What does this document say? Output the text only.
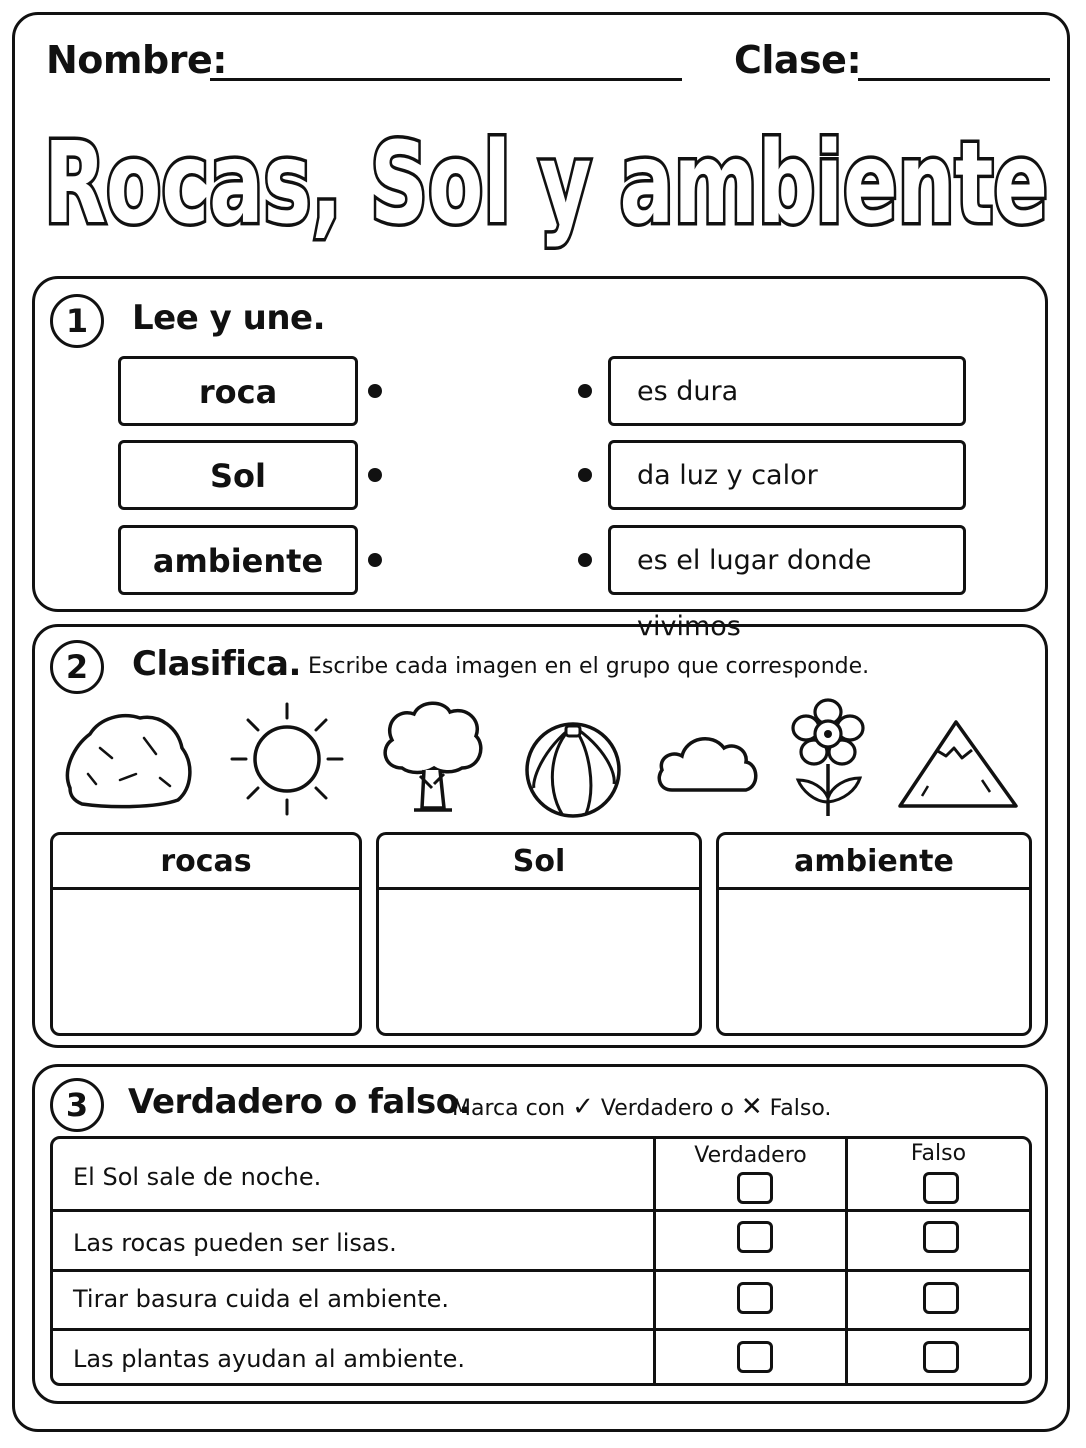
Nombre:	Clase:
Rocas, Sol y ambiente
1	Lee y une.
roca
Sol
ambiente
es dura
da luz y calor
es el lugar donde vivimos
2	Clasifica. Escribe cada imagen en el grupo que corresponde.
rocas	Sol	ambiente
3	Verdadero o falso.
Marca con ✓ Verdadero o ✕ Falso.
Verdadero	Falso
El Sol sale de noche.
Las rocas pueden ser lisas.
Tirar basura cuida el ambiente.
Las plantas ayudan al ambiente.
